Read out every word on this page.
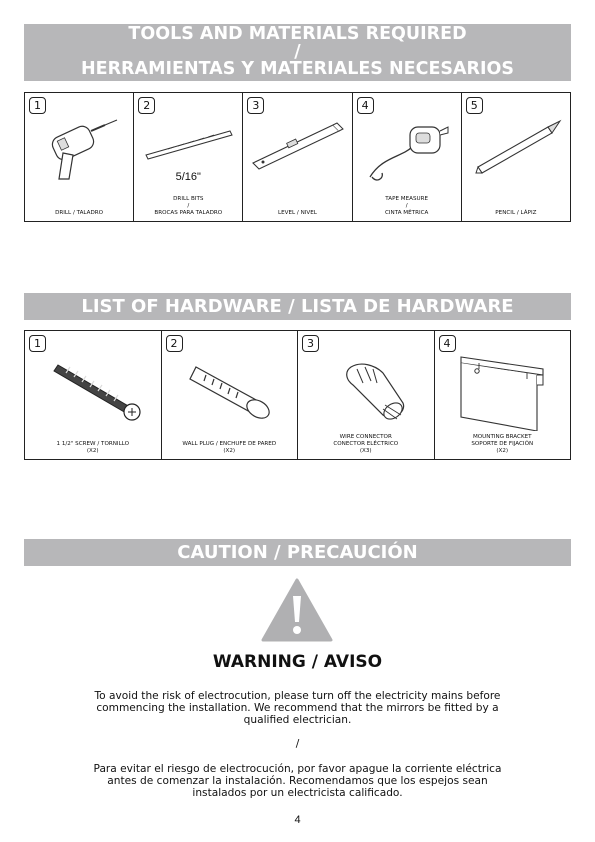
TOOLS AND MATERIALS REQUIRED
/
HERRAMIENTAS Y MATERIALES NECESARIOS
1
DRILL / TALADRO

2
5/16"
DRILL BITS
/
BROCAS PARA TALADRO

3
LEVEL / NIVEL

4
TAPE MEASURE
/
CINTA MÉTRICA

5
PENCIL / LÁPIZ
LIST OF HARDWARE / LISTA DE HARDWARE
1
1 1/2" SCREW / TORNILLO
(X2)

2
WALL PLUG / ENCHUFE DE PARED
(X2)

3
WIRE CONNECTOR
CONECTOR ELÉCTRICO
(X3)

4
MOUNTING BRACKET
SOPORTE DE FIJACIÓN
(X2)
CAUTION / PRECAUCIÓN
WARNING / AVISO
To avoid the risk of electrocution, please turn off the electricity mains before commencing the installation. We recommend that the mirrors be fitted by a qualified electrician.
/
Para evitar el riesgo de electrocución, por favor apague la corriente eléctrica antes de comenzar la instalación. Recomendamos que los espejos sean instalados por un electricista calificado.
4
